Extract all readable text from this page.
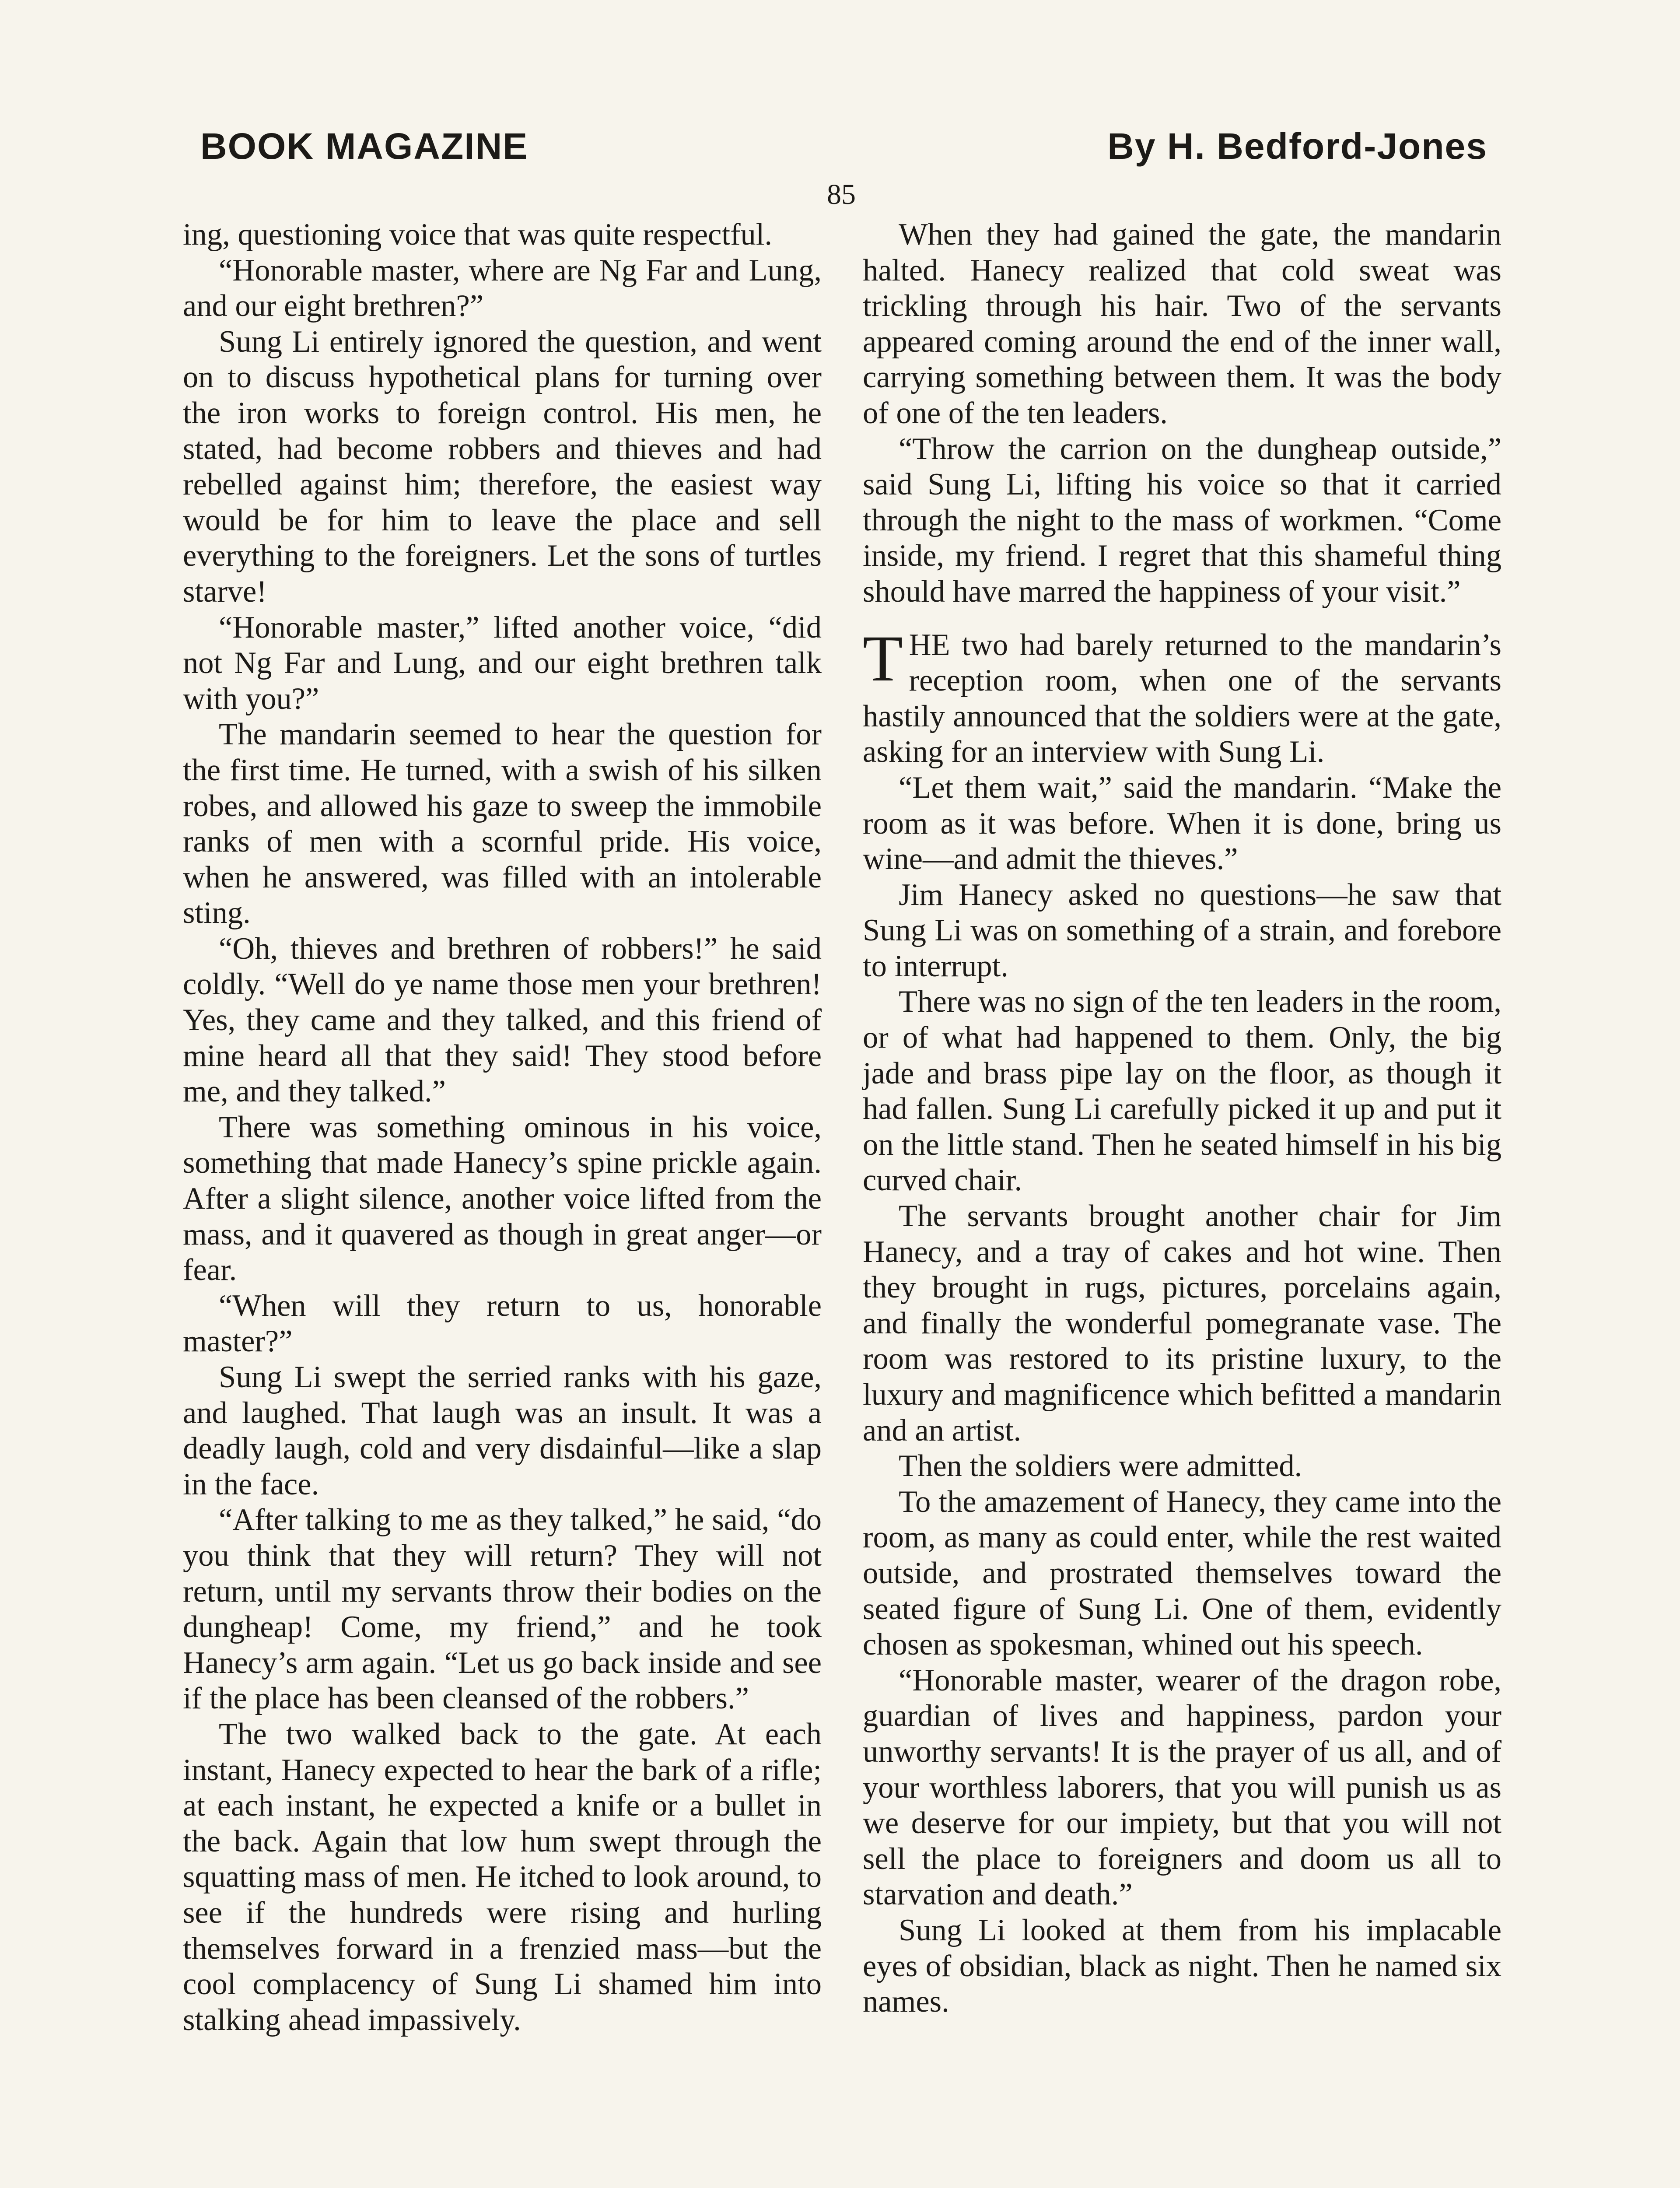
BOOK MAGAZINE	By H. Bedford-Jones
85

ing, questioning voice that was quite respectful.

“Honorable master, where are Ng Far and Lung, and our eight brethren?”

Sung Li entirely ignored the question, and went on to discuss hypothetical plans for turning over the iron works to foreign control. His men, he stated, had become robbers and thieves and had rebelled against him; therefore, the easiest way would be for him to leave the place and sell everything to the foreigners. Let the sons of turtles starve!

“Honorable master,” lifted another voice, “did not Ng Far and Lung, and our eight brethren talk with you?”

The mandarin seemed to hear the question for the first time. He turned, with a swish of his silken robes, and allowed his gaze to sweep the immobile ranks of men with a scornful pride. His voice, when he answered, was filled with an intolerable sting.

“Oh, thieves and brethren of robbers!” he said coldly. “Well do ye name those men your brethren! Yes, they came and they talked, and this friend of mine heard all that they said! They stood before me, and they talked.”

There was something ominous in his voice, something that made Hanecy’s spine prickle again. After a slight silence, another voice lifted from the mass, and it quavered as though in great anger—or fear.

“When will they return to us, honorable master?”

Sung Li swept the serried ranks with his gaze, and laughed. That laugh was an insult. It was a deadly laugh, cold and very disdainful—like a slap in the face.

“After talking to me as they talked,” he said, “do you think that they will return? They will not return, until my servants throw their bodies on the dungheap! Come, my friend,” and he took Hanecy’s arm again. “Let us go back inside and see if the place has been cleansed of the robbers.”

The two walked back to the gate. At each instant, Hanecy expected to hear the bark of a rifle; at each instant, he expected a knife or a bullet in the back. Again that low hum swept through the squatting mass of men. He itched to look around, to see if the hundreds were rising and hurling themselves forward in a frenzied mass—but the cool complacency of Sung Li shamed him into stalking ahead impassively.

When they had gained the gate, the mandarin halted. Hanecy realized that cold sweat was trickling through his hair. Two of the servants appeared coming around the end of the inner wall, carrying something between them. It was the body of one of the ten leaders.

“Throw the carrion on the dungheap outside,” said Sung Li, lifting his voice so that it carried through the night to the mass of workmen. “Come inside, my friend. I regret that this shameful thing should have marred the happiness of your visit.”

THE two had barely returned to the mandarin’s reception room, when one of the servants hastily announced that the soldiers were at the gate, asking for an interview with Sung Li.

“Let them wait,” said the mandarin. “Make the room as it was before. When it is done, bring us wine—and admit the thieves.”

Jim Hanecy asked no questions—he saw that Sung Li was on something of a strain, and forebore to interrupt.

There was no sign of the ten leaders in the room, or of what had happened to them. Only, the big jade and brass pipe lay on the floor, as though it had fallen. Sung Li carefully picked it up and put it on the little stand. Then he seated himself in his big curved chair.

The servants brought another chair for Jim Hanecy, and a tray of cakes and hot wine. Then they brought in rugs, pictures, porcelains again, and finally the wonderful pomegranate vase. The room was restored to its pristine luxury, to the luxury and magnificence which befitted a mandarin and an artist.

Then the soldiers were admitted.

To the amazement of Hanecy, they came into the room, as many as could enter, while the rest waited outside, and prostrated themselves toward the seated figure of Sung Li. One of them, evidently chosen as spokesman, whined out his speech.

“Honorable master, wearer of the dragon robe, guardian of lives and happiness, pardon your unworthy servants! It is the prayer of us all, and of your worthless laborers, that you will punish us as we deserve for our impiety, but that you will not sell the place to foreigners and doom us all to starvation and death.”

Sung Li looked at them from his implacable eyes of obsidian, black as night. Then he named six names.
